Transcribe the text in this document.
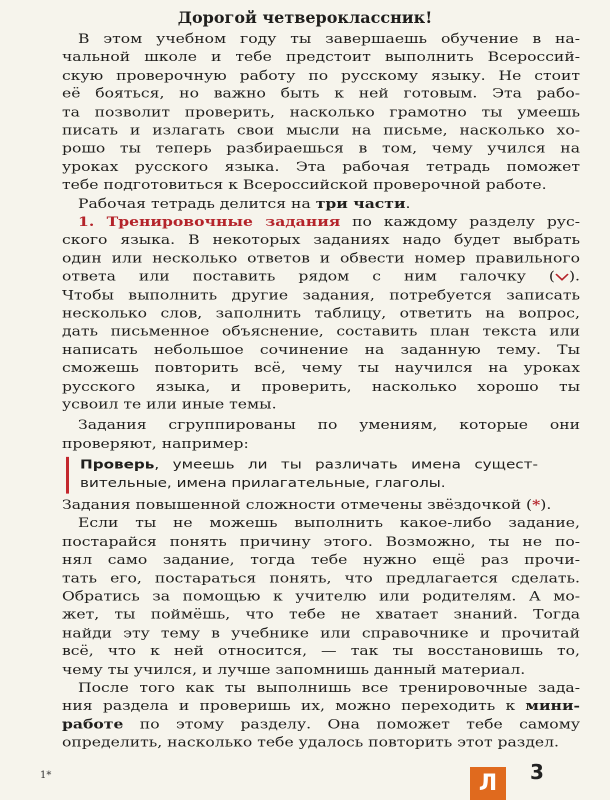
Дорогой четвероклассник!
В этом учебном году ты завершаешь обучение в на-
чальной школе и тебе предстоит выполнить Всероссий-
скую проверочную работу по русскому языку. Не стоит
её бояться, но важно быть к ней готовым. Эта рабо-
та позволит проверить, насколько грамотно ты умеешь
писать и излагать свои мысли на письме, насколько хо-
рошо ты теперь разбираешься в том, чему учился на
уроках русского языка. Эта рабочая тетрадь поможет
тебе подготовиться к Всероссийской проверочной работе.
Рабочая тетрадь делится на три части.
1. Тренировочные задания по каждому разделу рус-
ского языка. В некоторых заданиях надо будет выбрать
один или несколько ответов и обвести номер правильного
ответа или поставить рядом с ним галочку ( ).
Чтобы выполнить другие задания, потребуется записать
несколько слов, заполнить таблицу, ответить на вопрос,
дать письменное объяснение, составить план текста или
написать небольшое сочинение на заданную тему. Ты
сможешь повторить всё, чему ты научился на уроках
русского языка, и проверить, насколько хорошо ты
усвоил те или иные темы.
Задания сгруппированы по умениям, которые они
проверяют, например:
Проверь, умеешь ли ты различать имена сущест-
вительные, имена прилагательные, глаголы.
Задания повышенной сложности отмечены звёздочкой (*).
Если ты не можешь выполнить какое-либо задание,
постарайся понять причину этого. Возможно, ты не по-
нял само задание, тогда тебе нужно ещё раз прочи-
тать его, постараться понять, что предлагается сделать.
Обратись за помощью к учителю или родителям. А мо-
жет, ты поймёшь, что тебе не хватает знаний. Тогда
найди эту тему в учебнике или справочнике и прочитай
всё, что к ней относится, — так ты восстановишь то,
чему ты учился, и лучше запомнишь данный материал.
После того как ты выполнишь все тренировочные зада-
ния раздела и проверишь их, можно переходить к мини-
работе по этому разделу. Она поможет тебе самому
определить, насколько тебе удалось повторить этот раздел.
1*	Л	3
